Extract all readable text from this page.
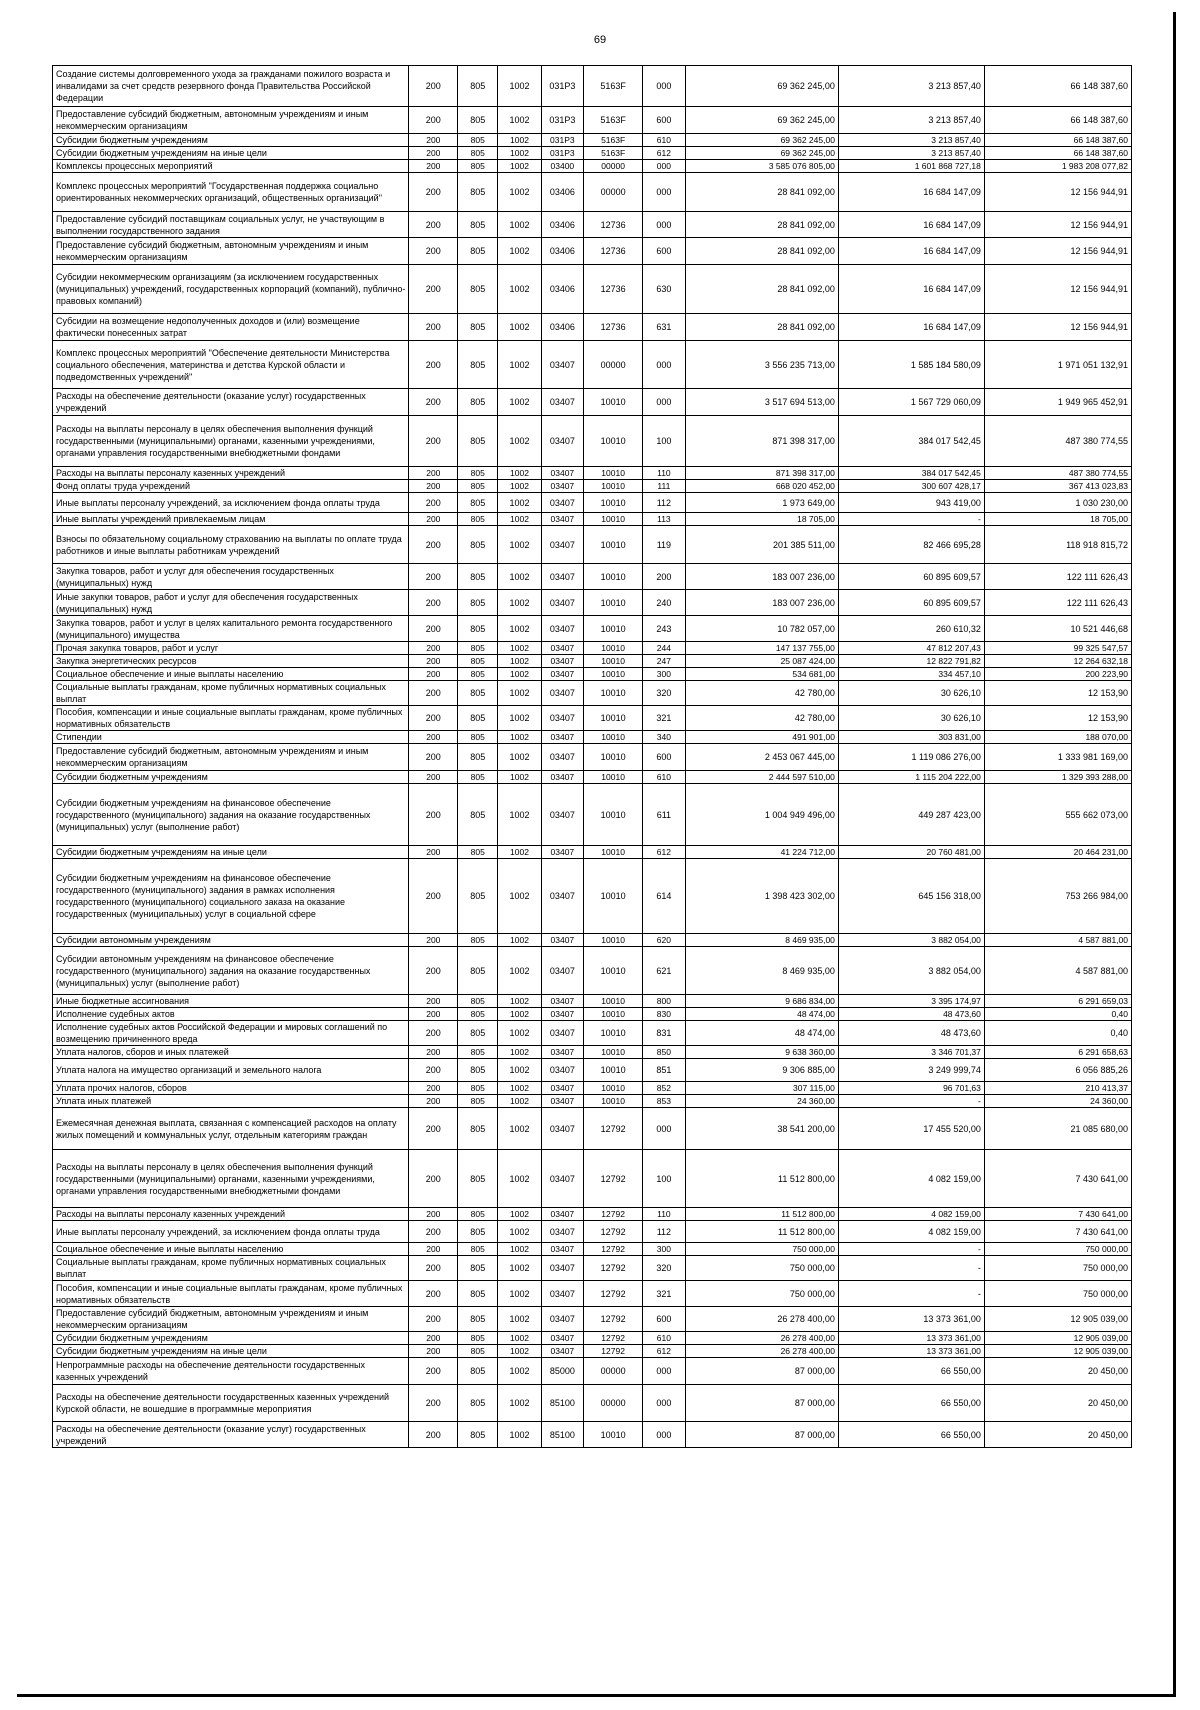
69
Создание системы долговременного ухода за гражданами пожилого возраста и инвалидами за счет средств резервного фонда Правительства Российской Федерации	200	805	1002	031Р3	5163F	000	69 362 245,00	3 213 857,40	66 148 387,60
Предоставление субсидий бюджетным, автономным учреждениям и иным некоммерческим организациям	200	805	1002	031Р3	5163F	600	69 362 245,00	3 213 857,40	66 148 387,60
Субсидии бюджетным учреждениям	200	805	1002	031Р3	5163F	610	69 362 245,00	3 213 857,40	66 148 387,60
Субсидии бюджетным учреждениям на иные цели	200	805	1002	031Р3	5163F	612	69 362 245,00	3 213 857,40	66 148 387,60
Комплексы процессных мероприятий	200	805	1002	03400	00000	000	3 585 076 805,00	1 601 868 727,18	1 983 208 077,82
Комплекс процессных мероприятий "Государственная поддержка социально ориентированных некоммерческих организаций, общественных организаций"	200	805	1002	03406	00000	000	28 841 092,00	16 684 147,09	12 156 944,91
Предоставление субсидий поставщикам социальных услуг, не участвующим в выполнении государственного задания	200	805	1002	03406	12736	000	28 841 092,00	16 684 147,09	12 156 944,91
Предоставление субсидий бюджетным, автономным учреждениям и иным некоммерческим организациям	200	805	1002	03406	12736	600	28 841 092,00	16 684 147,09	12 156 944,91
Субсидии некоммерческим организациям (за исключением государственных (муниципальных) учреждений, государственных корпораций (компаний), публично-правовых компаний)	200	805	1002	03406	12736	630	28 841 092,00	16 684 147,09	12 156 944,91
Субсидии на возмещение недополученных доходов и (или) возмещение фактически понесенных затрат	200	805	1002	03406	12736	631	28 841 092,00	16 684 147,09	12 156 944,91
Комплекс процессных мероприятий "Обеспечение деятельности Министерства социального обеспечения, материнства и детства Курской области и подведомственных учреждений"	200	805	1002	03407	00000	000	3 556 235 713,00	1 585 184 580,09	1 971 051 132,91
Расходы на обеспечение деятельности (оказание услуг) государственных учреждений	200	805	1002	03407	10010	000	3 517 694 513,00	1 567 729 060,09	1 949 965 452,91
Расходы на выплаты персоналу в целях обеспечения выполнения функций государственными (муниципальными) органами, казенными учреждениями, органами управления государственными внебюджетными фондами	200	805	1002	03407	10010	100	871 398 317,00	384 017 542,45	487 380 774,55
Расходы на выплаты персоналу казенных учреждений	200	805	1002	03407	10010	110	871 398 317,00	384 017 542,45	487 380 774,55
Фонд оплаты труда учреждений	200	805	1002	03407	10010	111	668 020 452,00	300 607 428,17	367 413 023,83
Иные выплаты персоналу учреждений, за исключением фонда оплаты труда	200	805	1002	03407	10010	112	1 973 649,00	943 419,00	1 030 230,00
Иные выплаты учреждений привлекаемым лицам	200	805	1002	03407	10010	113	18 705,00	-	18 705,00
Взносы по обязательному социальному страхованию на выплаты по оплате труда работников и иные выплаты работникам учреждений	200	805	1002	03407	10010	119	201 385 511,00	82 466 695,28	118 918 815,72
Закупка товаров, работ и услуг для обеспечения государственных (муниципальных) нужд	200	805	1002	03407	10010	200	183 007 236,00	60 895 609,57	122 111 626,43
Иные закупки товаров, работ и услуг для обеспечения государственных (муниципальных) нужд	200	805	1002	03407	10010	240	183 007 236,00	60 895 609,57	122 111 626,43
Закупка товаров, работ и услуг в целях капитального ремонта государственного (муниципального) имущества	200	805	1002	03407	10010	243	10 782 057,00	260 610,32	10 521 446,68
Прочая закупка товаров, работ и услуг	200	805	1002	03407	10010	244	147 137 755,00	47 812 207,43	99 325 547,57
Закупка энергетических ресурсов	200	805	1002	03407	10010	247	25 087 424,00	12 822 791,82	12 264 632,18
Социальное обеспечение и иные выплаты населению	200	805	1002	03407	10010	300	534 681,00	334 457,10	200 223,90
Социальные выплаты гражданам, кроме публичных нормативных социальных выплат	200	805	1002	03407	10010	320	42 780,00	30 626,10	12 153,90
Пособия, компенсации и иные социальные выплаты гражданам, кроме публичных нормативных обязательств	200	805	1002	03407	10010	321	42 780,00	30 626,10	12 153,90
Стипендии	200	805	1002	03407	10010	340	491 901,00	303 831,00	188 070,00
Предоставление субсидий бюджетным, автономным учреждениям и иным некоммерческим организациям	200	805	1002	03407	10010	600	2 453 067 445,00	1 119 086 276,00	1 333 981 169,00
Субсидии бюджетным учреждениям	200	805	1002	03407	10010	610	2 444 597 510,00	1 115 204 222,00	1 329 393 288,00
Субсидии бюджетным учреждениям на финансовое обеспечение государственного (муниципального) задания на оказание государственных (муниципальных) услуг (выполнение работ)	200	805	1002	03407	10010	611	1 004 949 496,00	449 287 423,00	555 662 073,00
Субсидии бюджетным учреждениям на иные цели	200	805	1002	03407	10010	612	41 224 712,00	20 760 481,00	20 464 231,00
Субсидии бюджетным учреждениям на финансовое обеспечение государственного (муниципального) задания в рамках исполнения государственного (муниципального) социального заказа на оказание государственных (муниципальных) услуг в социальной сфере	200	805	1002	03407	10010	614	1 398 423 302,00	645 156 318,00	753 266 984,00
Субсидии автономным учреждениям	200	805	1002	03407	10010	620	8 469 935,00	3 882 054,00	4 587 881,00
Субсидии автономным учреждениям на финансовое обеспечение государственного (муниципального) задания на оказание государственных (муниципальных) услуг (выполнение работ)	200	805	1002	03407	10010	621	8 469 935,00	3 882 054,00	4 587 881,00
Иные бюджетные ассигнования	200	805	1002	03407	10010	800	9 686 834,00	3 395 174,97	6 291 659,03
Исполнение судебных актов	200	805	1002	03407	10010	830	48 474,00	48 473,60	0,40
Исполнение судебных актов Российской Федерации и мировых соглашений по возмещению причиненного вреда	200	805	1002	03407	10010	831	48 474,00	48 473,60	0,40
Уплата налогов, сборов и иных платежей	200	805	1002	03407	10010	850	9 638 360,00	3 346 701,37	6 291 658,63
Уплата налога на имущество организаций и земельного налога	200	805	1002	03407	10010	851	9 306 885,00	3 249 999,74	6 056 885,26
Уплата прочих налогов, сборов	200	805	1002	03407	10010	852	307 115,00	96 701,63	210 413,37
Уплата иных платежей	200	805	1002	03407	10010	853	24 360,00	-	24 360,00
Ежемесячная денежная выплата, связанная с компенсацией расходов на оплату жилых помещений и коммунальных услуг, отдельным категориям граждан	200	805	1002	03407	12792	000	38 541 200,00	17 455 520,00	21 085 680,00
Расходы на выплаты персоналу в целях обеспечения выполнения функций государственными (муниципальными) органами, казенными учреждениями, органами управления государственными внебюджетными фондами	200	805	1002	03407	12792	100	11 512 800,00	4 082 159,00	7 430 641,00
Расходы на выплаты персоналу казенных учреждений	200	805	1002	03407	12792	110	11 512 800,00	4 082 159,00	7 430 641,00
Иные выплаты персоналу учреждений, за исключением фонда оплаты труда	200	805	1002	03407	12792	112	11 512 800,00	4 082 159,00	7 430 641,00
Социальное обеспечение и иные выплаты населению	200	805	1002	03407	12792	300	750 000,00	-	750 000,00
Социальные выплаты гражданам, кроме публичных нормативных социальных выплат	200	805	1002	03407	12792	320	750 000,00	-	750 000,00
Пособия, компенсации и иные социальные выплаты гражданам, кроме публичных нормативных обязательств	200	805	1002	03407	12792	321	750 000,00	-	750 000,00
Предоставление субсидий бюджетным, автономным учреждениям и иным некоммерческим организациям	200	805	1002	03407	12792	600	26 278 400,00	13 373 361,00	12 905 039,00
Субсидии бюджетным учреждениям	200	805	1002	03407	12792	610	26 278 400,00	13 373 361,00	12 905 039,00
Субсидии бюджетным учреждениям на иные цели	200	805	1002	03407	12792	612	26 278 400,00	13 373 361,00	12 905 039,00
Непрограммные расходы на обеспечение деятельности государственных казенных учреждений	200	805	1002	85000	00000	000	87 000,00	66 550,00	20 450,00
Расходы на обеспечение деятельности государственных казенных учреждений Курской области, не вошедшие в программные мероприятия	200	805	1002	85100	00000	000	87 000,00	66 550,00	20 450,00
Расходы на обеспечение деятельности (оказание услуг) государственных учреждений	200	805	1002	85100	10010	000	87 000,00	66 550,00	20 450,00
